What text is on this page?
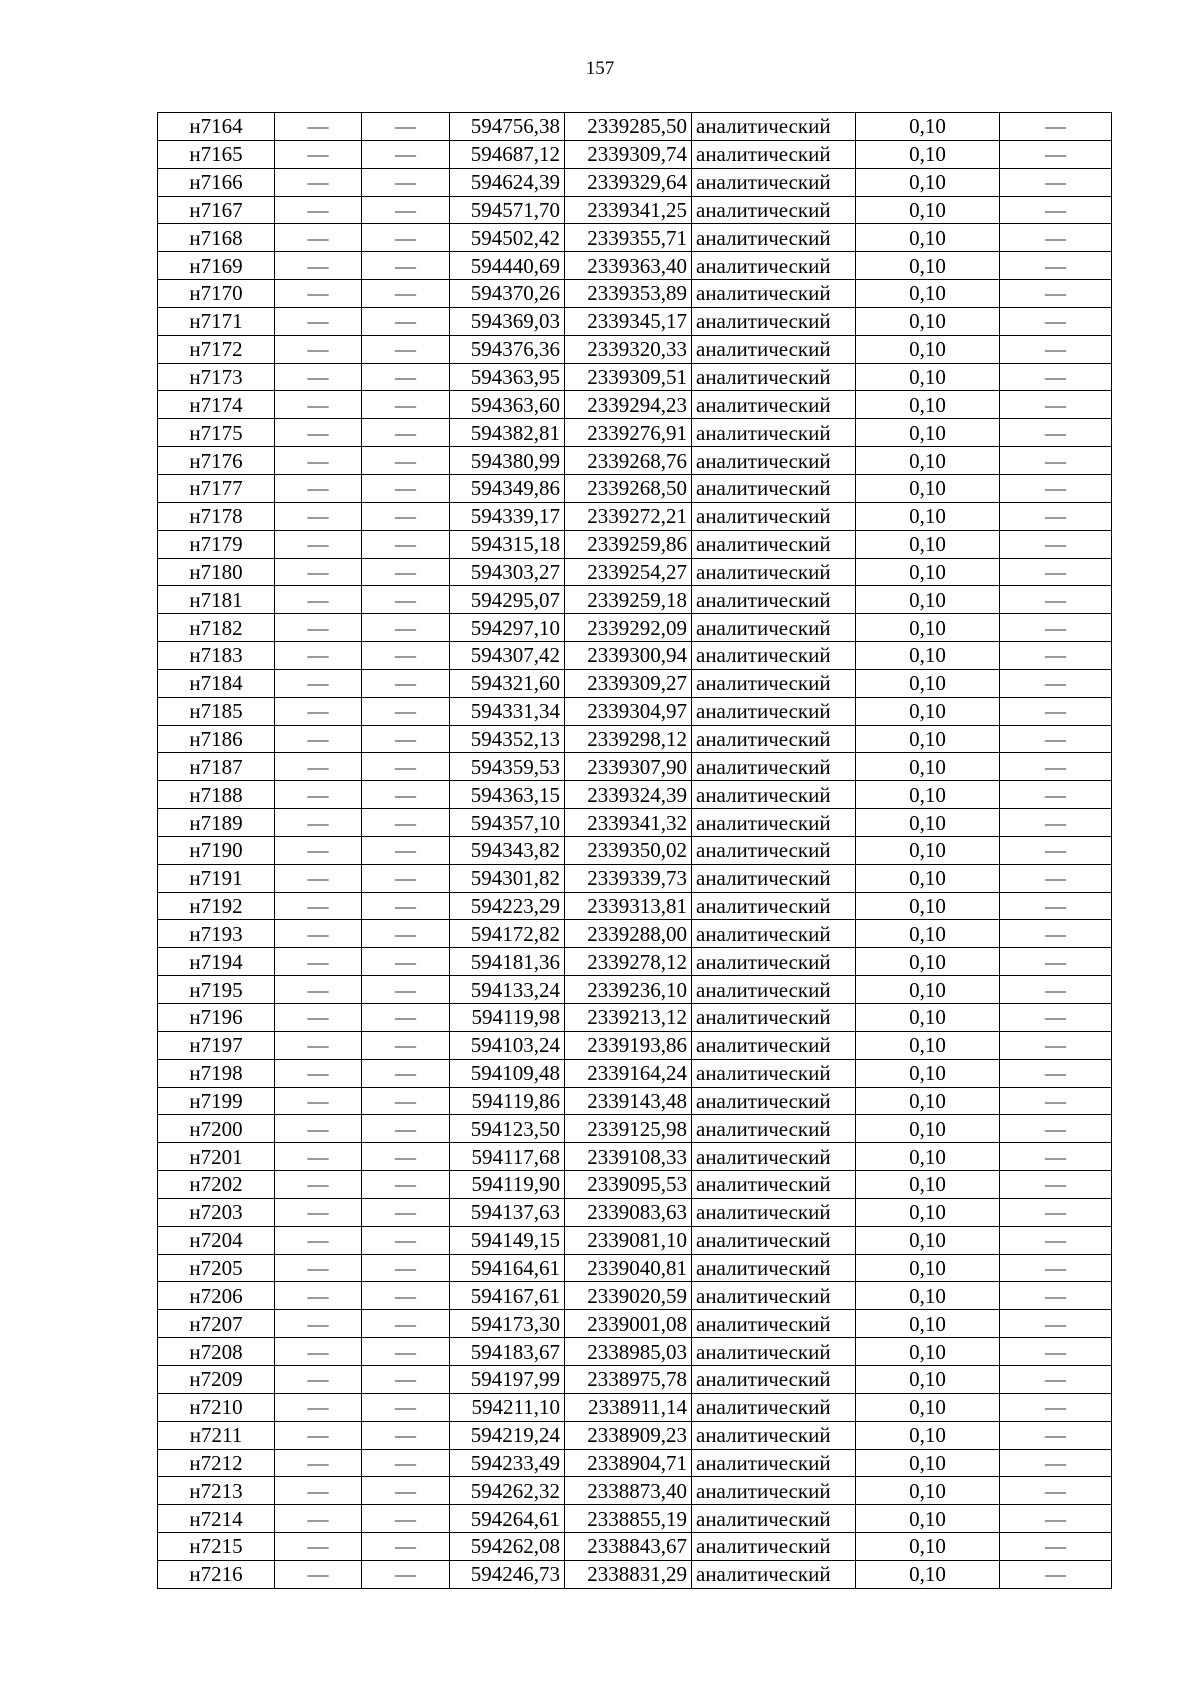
157
н7164	—	—	594756,38	2339285,50	аналитический	0,10	—
н7165	—	—	594687,12	2339309,74	аналитический	0,10	—
н7166	—	—	594624,39	2339329,64	аналитический	0,10	—
н7167	—	—	594571,70	2339341,25	аналитический	0,10	—
н7168	—	—	594502,42	2339355,71	аналитический	0,10	—
н7169	—	—	594440,69	2339363,40	аналитический	0,10	—
н7170	—	—	594370,26	2339353,89	аналитический	0,10	—
н7171	—	—	594369,03	2339345,17	аналитический	0,10	—
н7172	—	—	594376,36	2339320,33	аналитический	0,10	—
н7173	—	—	594363,95	2339309,51	аналитический	0,10	—
н7174	—	—	594363,60	2339294,23	аналитический	0,10	—
н7175	—	—	594382,81	2339276,91	аналитический	0,10	—
н7176	—	—	594380,99	2339268,76	аналитический	0,10	—
н7177	—	—	594349,86	2339268,50	аналитический	0,10	—
н7178	—	—	594339,17	2339272,21	аналитический	0,10	—
н7179	—	—	594315,18	2339259,86	аналитический	0,10	—
н7180	—	—	594303,27	2339254,27	аналитический	0,10	—
н7181	—	—	594295,07	2339259,18	аналитический	0,10	—
н7182	—	—	594297,10	2339292,09	аналитический	0,10	—
н7183	—	—	594307,42	2339300,94	аналитический	0,10	—
н7184	—	—	594321,60	2339309,27	аналитический	0,10	—
н7185	—	—	594331,34	2339304,97	аналитический	0,10	—
н7186	—	—	594352,13	2339298,12	аналитический	0,10	—
н7187	—	—	594359,53	2339307,90	аналитический	0,10	—
н7188	—	—	594363,15	2339324,39	аналитический	0,10	—
н7189	—	—	594357,10	2339341,32	аналитический	0,10	—
н7190	—	—	594343,82	2339350,02	аналитический	0,10	—
н7191	—	—	594301,82	2339339,73	аналитический	0,10	—
н7192	—	—	594223,29	2339313,81	аналитический	0,10	—
н7193	—	—	594172,82	2339288,00	аналитический	0,10	—
н7194	—	—	594181,36	2339278,12	аналитический	0,10	—
н7195	—	—	594133,24	2339236,10	аналитический	0,10	—
н7196	—	—	594119,98	2339213,12	аналитический	0,10	—
н7197	—	—	594103,24	2339193,86	аналитический	0,10	—
н7198	—	—	594109,48	2339164,24	аналитический	0,10	—
н7199	—	—	594119,86	2339143,48	аналитический	0,10	—
н7200	—	—	594123,50	2339125,98	аналитический	0,10	—
н7201	—	—	594117,68	2339108,33	аналитический	0,10	—
н7202	—	—	594119,90	2339095,53	аналитический	0,10	—
н7203	—	—	594137,63	2339083,63	аналитический	0,10	—
н7204	—	—	594149,15	2339081,10	аналитический	0,10	—
н7205	—	—	594164,61	2339040,81	аналитический	0,10	—
н7206	—	—	594167,61	2339020,59	аналитический	0,10	—
н7207	—	—	594173,30	2339001,08	аналитический	0,10	—
н7208	—	—	594183,67	2338985,03	аналитический	0,10	—
н7209	—	—	594197,99	2338975,78	аналитический	0,10	—
н7210	—	—	594211,10	2338911,14	аналитический	0,10	—
н7211	—	—	594219,24	2338909,23	аналитический	0,10	—
н7212	—	—	594233,49	2338904,71	аналитический	0,10	—
н7213	—	—	594262,32	2338873,40	аналитический	0,10	—
н7214	—	—	594264,61	2338855,19	аналитический	0,10	—
н7215	—	—	594262,08	2338843,67	аналитический	0,10	—
н7216	—	—	594246,73	2338831,29	аналитический	0,10	—
